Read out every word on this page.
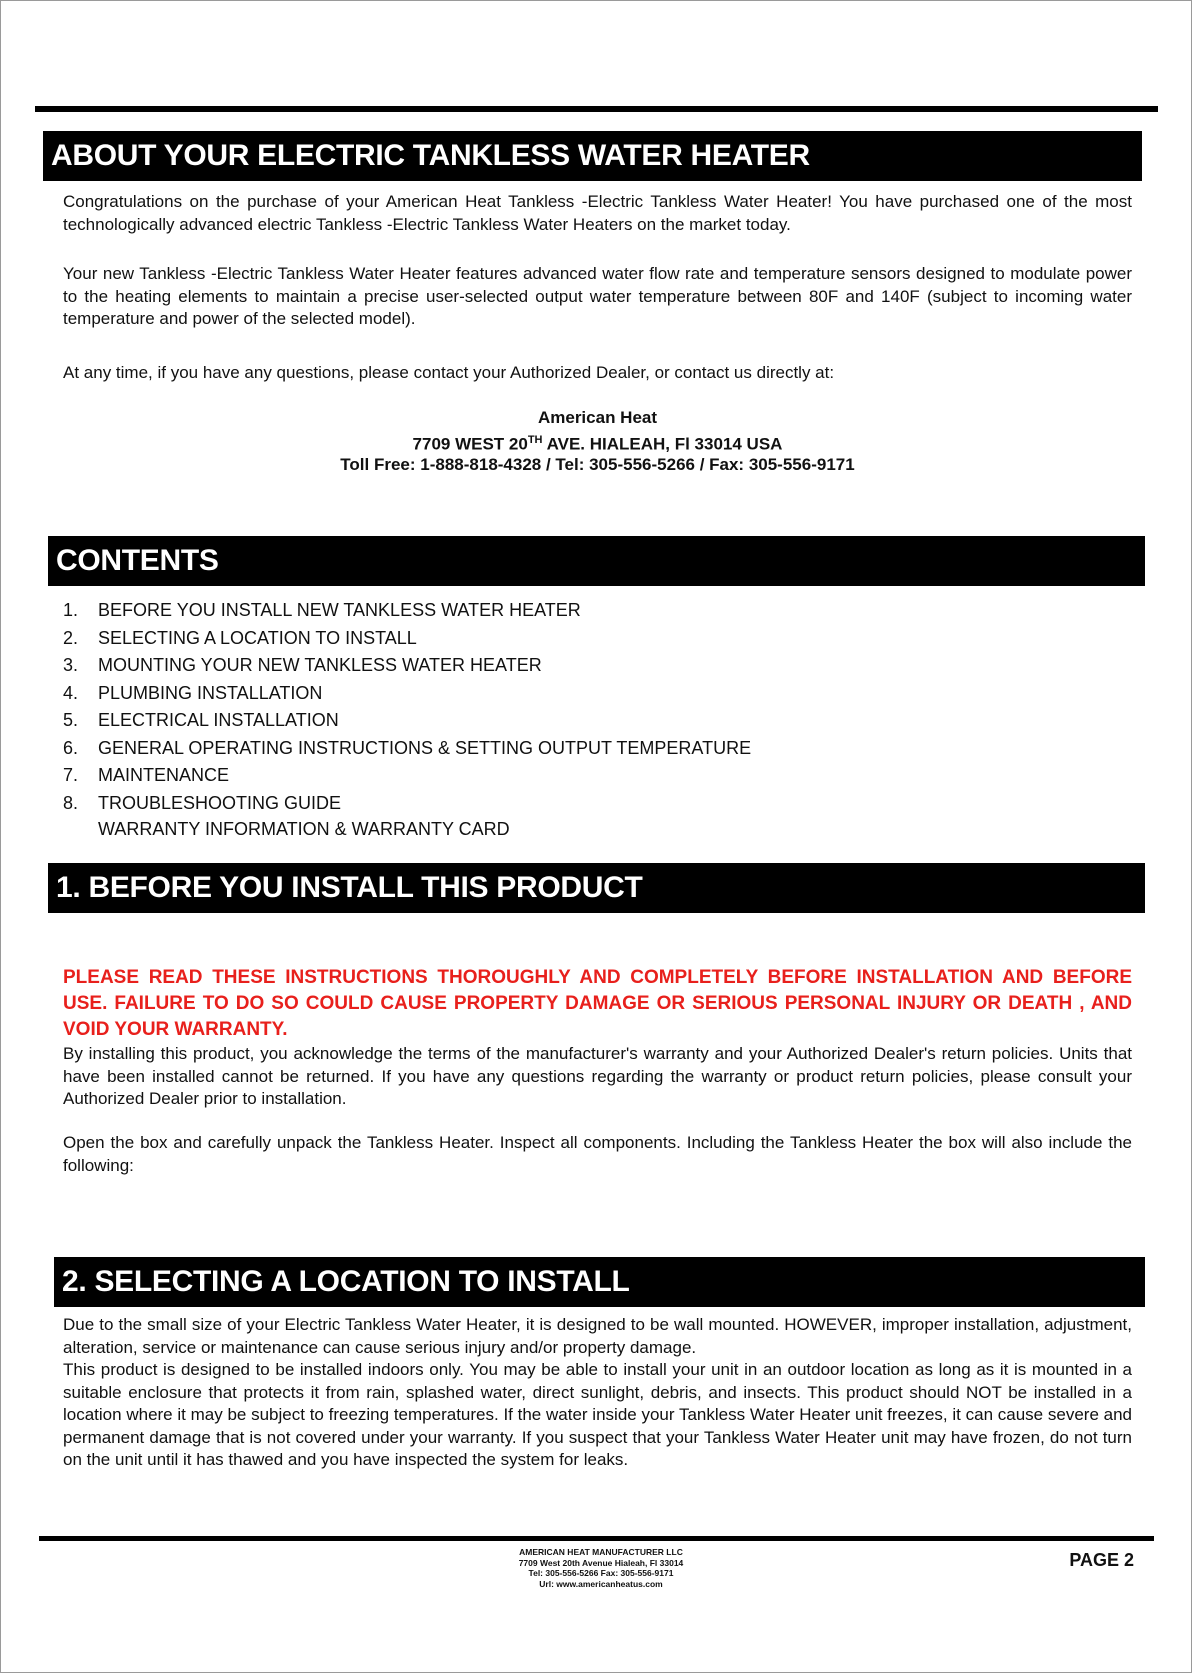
ABOUT YOUR ELECTRIC TANKLESS WATER HEATER
Congratulations on the purchase of your American Heat Tankless -Electric Tankless Water Heater! You have purchased one of the most technologically advanced electric Tankless -Electric Tankless Water Heaters on the market today.
Your new Tankless -Electric Tankless Water Heater features advanced water flow rate and temperature sensors designed to modulate power to the heating elements to maintain a precise user-selected output water temperature between 80F and 140F (subject to incoming water temperature and power of the selected model).
At any time, if you have any questions, please contact your Authorized Dealer, or contact us directly at:
American Heat
7709 WEST 20TH AVE. HIALEAH, Fl 33014 USA
Toll Free: 1-888-818-4328 / Tel: 305-556-5266 / Fax: 305-556-9171
CONTENTS
1.	BEFORE YOU INSTALL NEW TANKLESS WATER HEATER
2.	SELECTING A LOCATION TO INSTALL
3.	MOUNTING YOUR NEW TANKLESS WATER HEATER
4.	PLUMBING INSTALLATION
5.	ELECTRICAL INSTALLATION
6.	GENERAL OPERATING INSTRUCTIONS & SETTING OUTPUT TEMPERATURE
7.	MAINTENANCE
8.	TROUBLESHOOTING GUIDE
WARRANTY INFORMATION & WARRANTY CARD
1. BEFORE YOU INSTALL THIS PRODUCT
PLEASE READ THESE INSTRUCTIONS THOROUGHLY AND COMPLETELY BEFORE INSTALLATION AND BEFORE USE. FAILURE TO DO SO COULD CAUSE PROPERTY DAMAGE OR SERIOUS PERSONAL INJURY OR DEATH , AND VOID YOUR WARRANTY.
By installing this product, you acknowledge the terms of the manufacturer's warranty and your Authorized Dealer's return policies. Units that have been installed cannot be returned. If you have any questions regarding the warranty or product return policies, please consult your Authorized Dealer prior to installation.
Open the box and carefully unpack the Tankless Heater. Inspect all components. Including the Tankless Heater the box will also include the following:
2. SELECTING A LOCATION TO INSTALL
Due to the small size of your Electric Tankless Water Heater, it is designed to be wall mounted. HOWEVER, improper installation, adjustment, alteration, service or maintenance can cause serious injury and/or property damage.
This product is designed to be installed indoors only. You may be able to install your unit in an outdoor location as long as it is mounted in a suitable enclosure that protects it from rain, splashed water, direct sunlight, debris, and insects. This product should NOT be installed in a location where it may be subject to freezing temperatures. If the water inside your Tankless Water Heater unit freezes, it can cause severe and permanent damage that is not covered under your warranty. If you suspect that your Tankless Water Heater unit may have frozen, do not turn on the unit until it has thawed and you have inspected the system for leaks.
AMERICAN HEAT MANUFACTURER LLC
7709 West 20th Avenue Hialeah, Fl 33014
Tel: 305-556-5266 Fax: 305-556-9171
Url: www.americanheatus.com
PAGE 2
